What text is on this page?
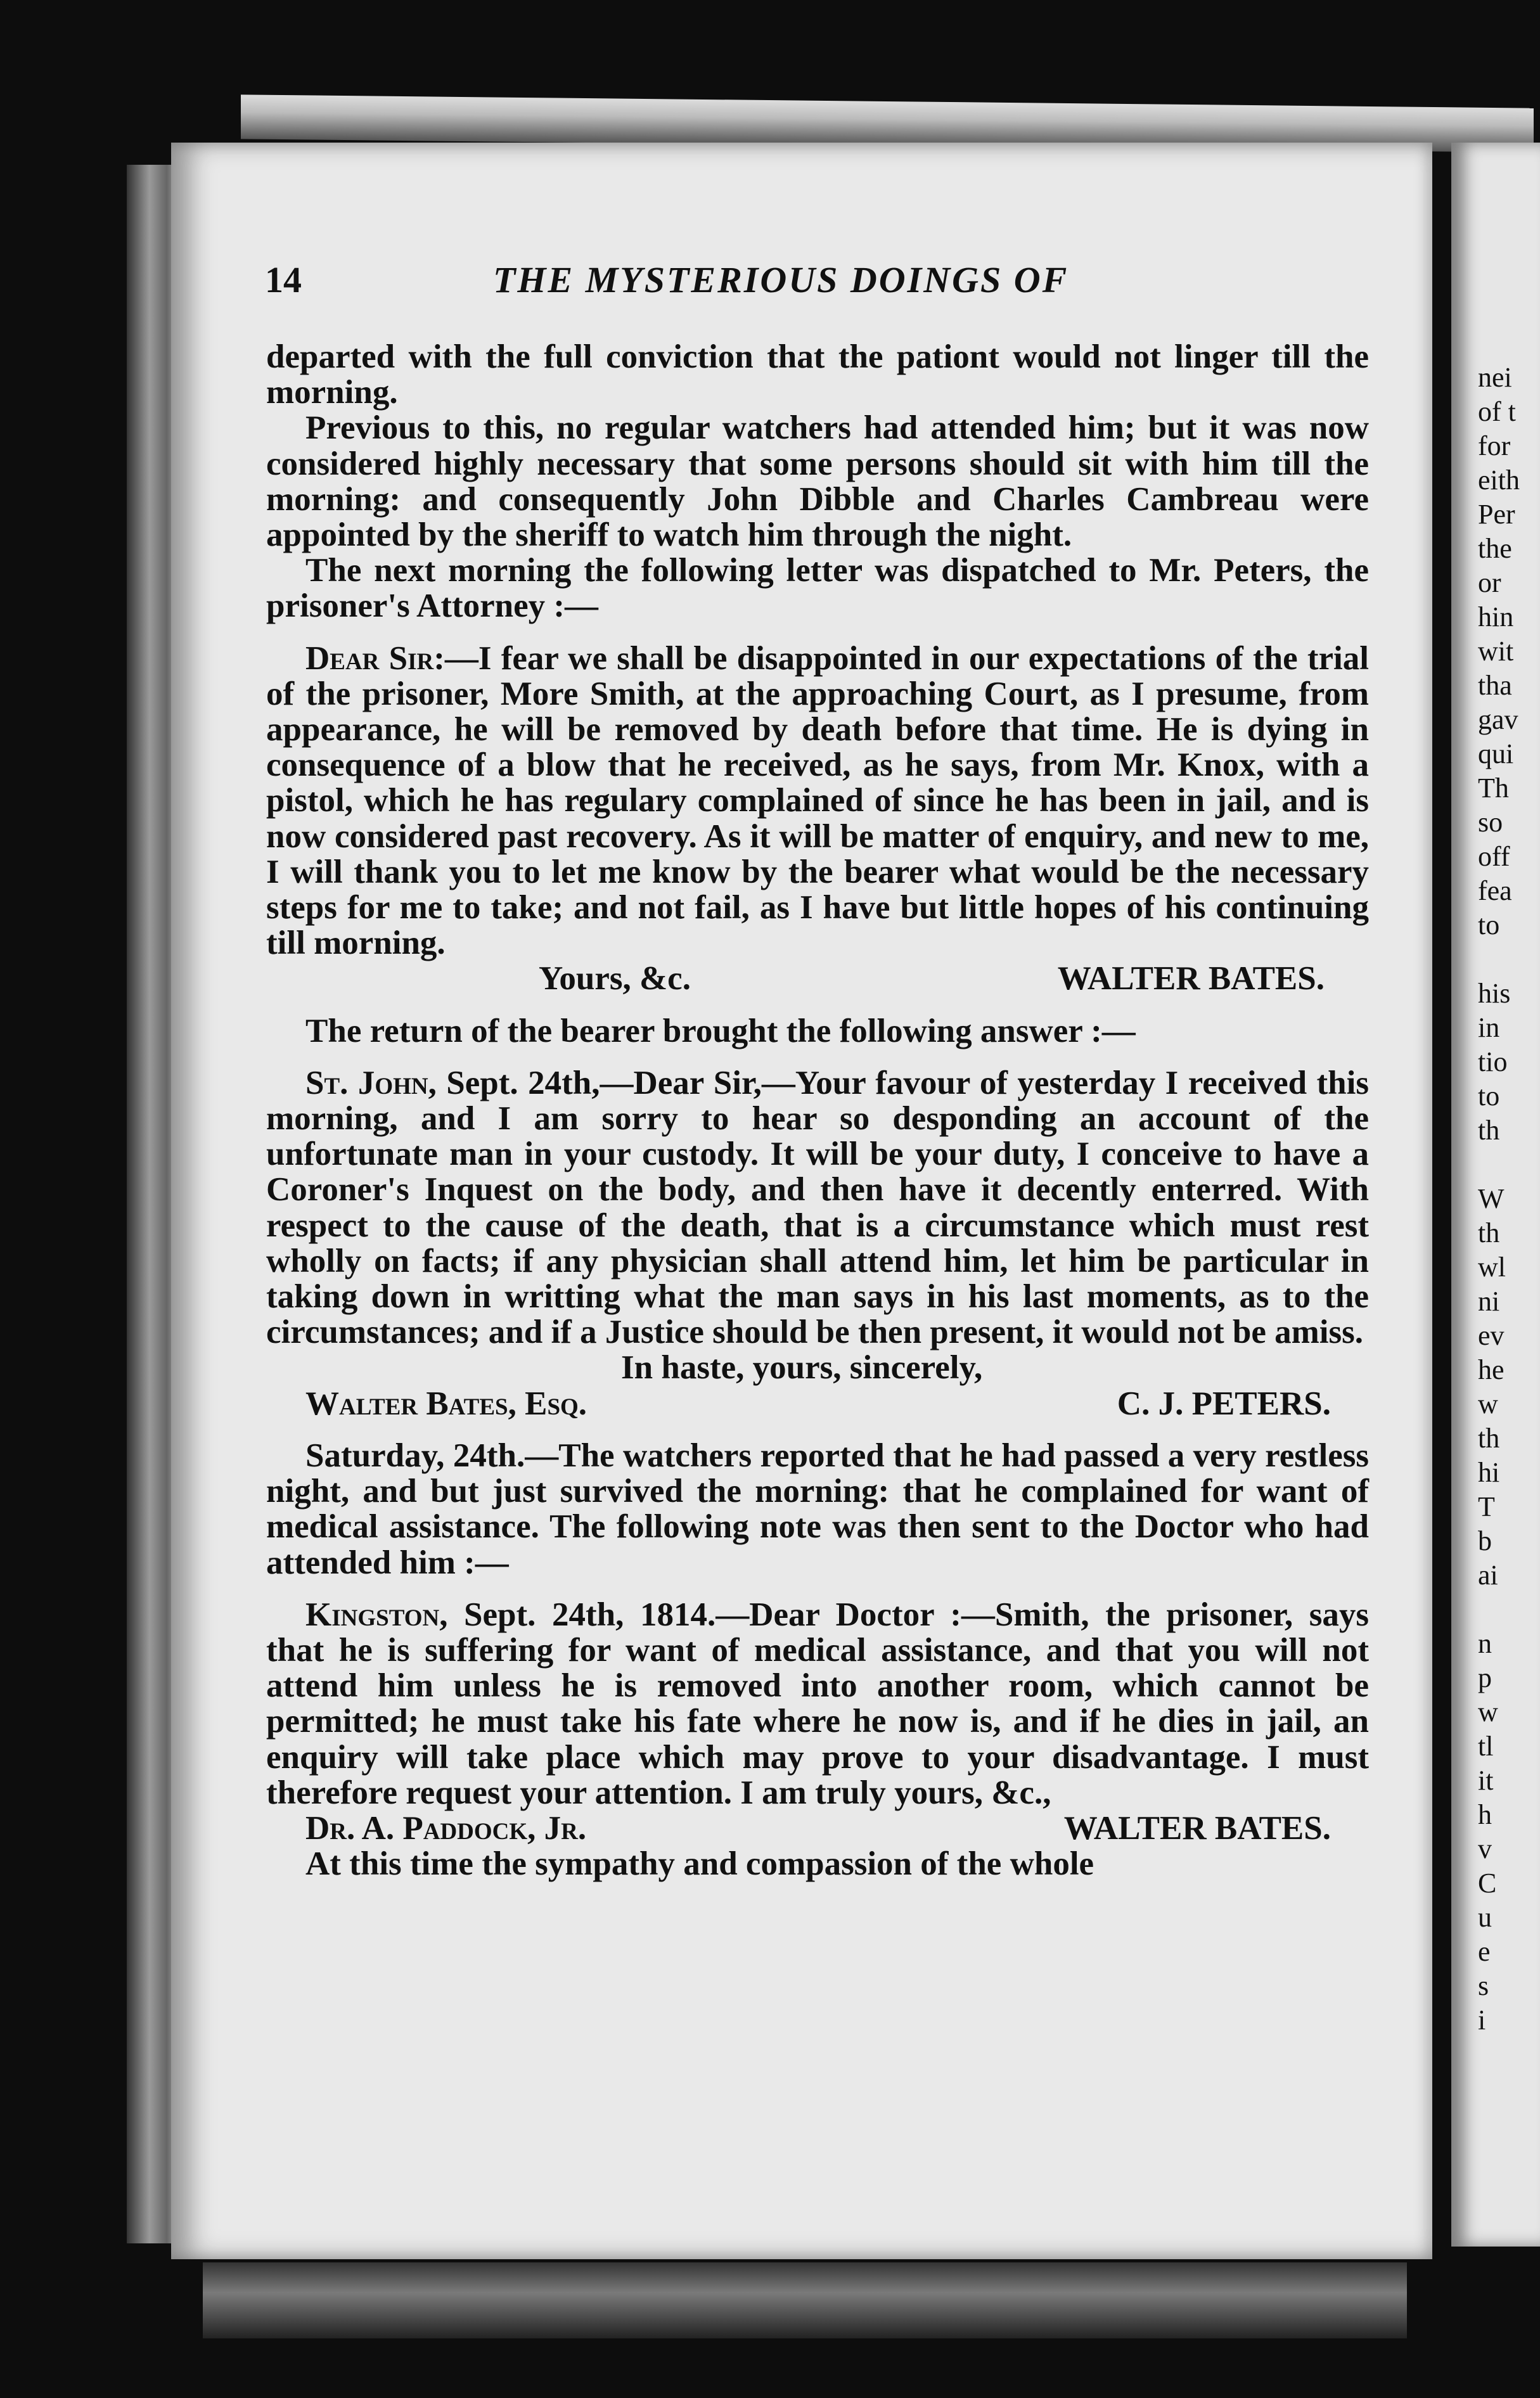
nei
of t
for
eith
Per
the
or
hin
wit
tha
gav
qui
Th
so
off
fea
to
his
in
tio
to
th
W
th
wl
ni
ev
he
w
th
hi
T
b
ai
n
p
w
tl
it
h
v
C
u
e
s
i
14	THE MYSTERIOUS DOINGS OF

departed with the full conviction that the pationt would not linger till the morning.

Previous to this, no regular watchers had attended him; but it was now considered highly necessary that some persons should sit with him till the morning: and consequently John Dibble and Charles Cambreau were appointed by the sheriff to watch him through the night.

The next morning the following letter was dispatched to Mr. Peters, the prisoner's Attorney :—

Dear Sir:—I fear we shall be disappointed in our expectations of the trial of the prisoner, More Smith, at the approaching Court, as I presume, from appearance, he will be removed by death before that time. He is dying in consequence of a blow that he received, as he says, from Mr. Knox, with a pistol, which he has regulary complained of since he has been in jail, and is now considered past recovery. As it will be matter of enquiry, and new to me, I will thank you to let me know by the bearer what would be the necessary steps for me to take; and not fail, as I have but little hopes of his continuing till morning.

Yours, &c.	WALTER BATES.

The return of the bearer brought the following answer :—

St. John, Sept. 24th,—Dear Sir,—Your favour of yesterday I received this morning, and I am sorry to hear so desponding an account of the unfortunate man in your custody. It will be your duty, I conceive to have a Coroner's Inquest on the body, and then have it decently enterred. With respect to the cause of the death, that is a circumstance which must rest wholly on facts; if any physician shall attend him, let him be particular in taking down in writting what the man says in his last moments, as to the circumstances; and if a Justice should be then present, it would not be amiss.

In haste, yours, sincerely,

Walter Bates, Esq.	C. J. PETERS.

Saturday, 24th.—The watchers reported that he had passed a very restless night, and but just survived the morning: that he complained for want of medical assistance. The following note was then sent to the Doctor who had attended him :—

Kingston, Sept. 24th, 1814.—Dear Doctor :—Smith, the prisoner, says that he is suffering for want of medical assistance, and that you will not attend him unless he is removed into another room, which cannot be permitted; he must take his fate where he now is, and if he dies in jail, an enquiry will take place which may prove to your disadvantage. I must therefore request your attention. I am truly yours, &c.,

Dr. A. Paddock, Jr.	WALTER BATES.

At this time the sympathy and compassion of the whole
